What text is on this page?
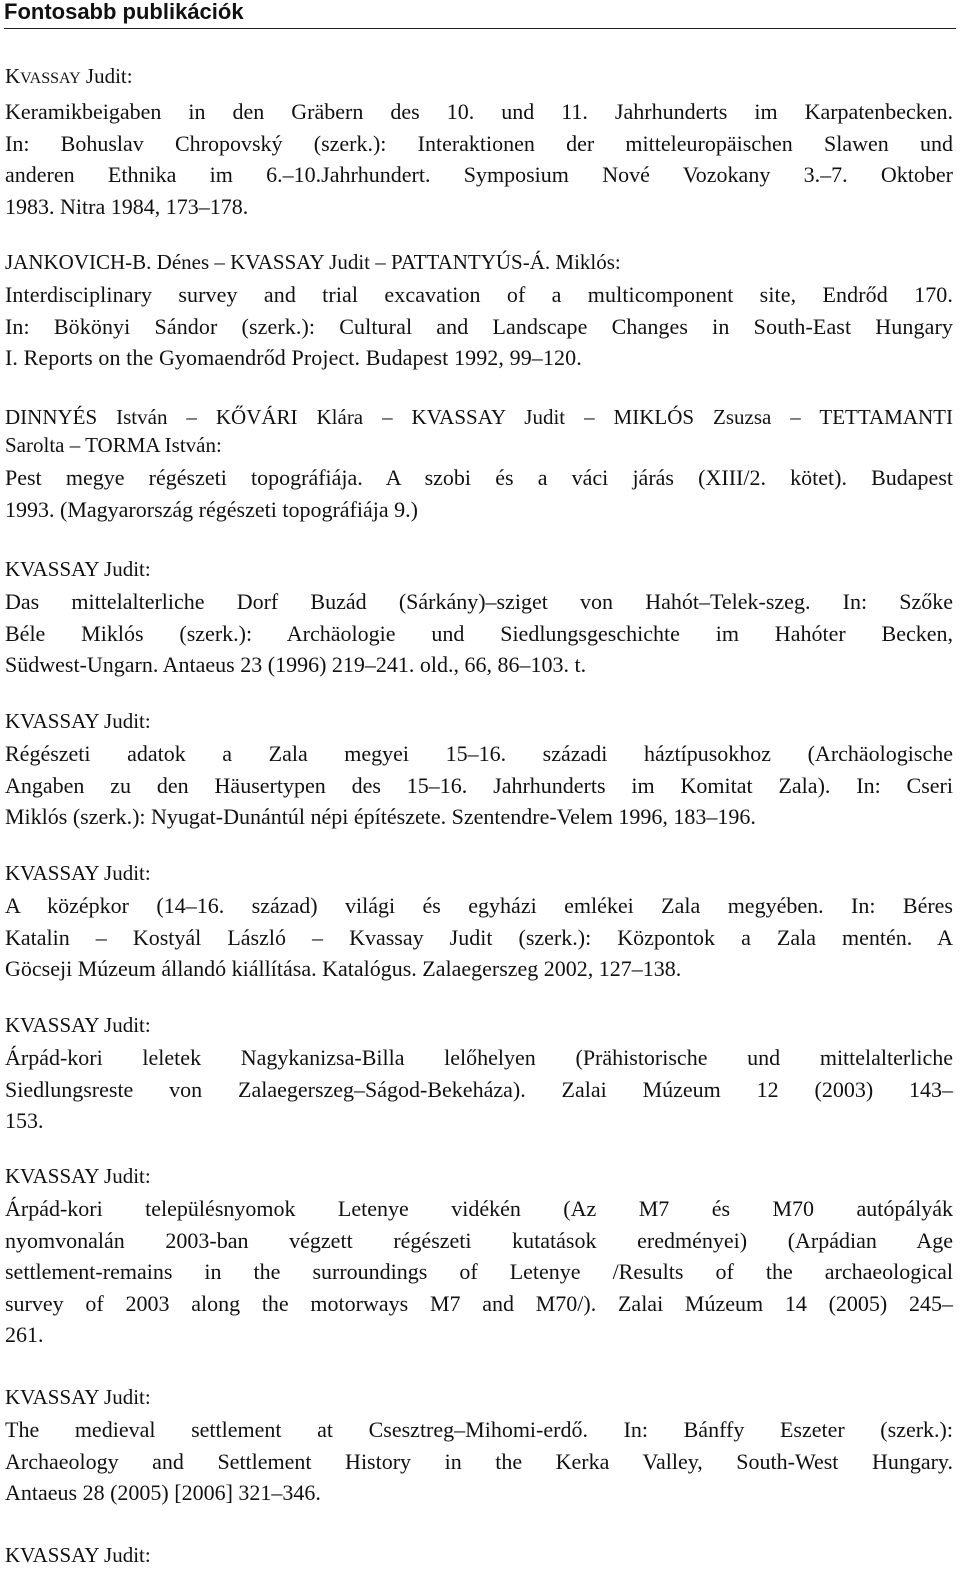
Fontosabb publikációk
KVASSAY Judit:
Keramikbeigaben in den Gräbern des 10. und 11. Jahrhunderts im Karpatenbecken.
In: Bohuslav Chropovský (szerk.): Interaktionen der mitteleuropäischen Slawen und
anderen Ethnika im 6.–10.Jahrhundert. Symposium Nové Vozokany 3.–7. Oktober
1983. Nitra 1984, 173–178.
JANKOVICH-B. Dénes – KVASSAY Judit – PATTANTYÚS-Á. Miklós:
Interdisciplinary survey and trial excavation of a multicomponent site, Endrőd 170.
In: Bökönyi Sándor (szerk.): Cultural and Landscape Changes in South-East Hungary
I. Reports on the Gyomaendrőd Project. Budapest 1992, 99–120.
DINNYÉS István – KŐVÁRI Klára – KVASSAY Judit – MIKLÓS Zsuzsa – TETTAMANTI
Sarolta – TORMA István:
Pest megye régészeti topográfiája. A szobi és a váci járás (XIII/2. kötet). Budapest
1993. (Magyarország régészeti topográfiája 9.)
KVASSAY Judit:
Das mittelalterliche Dorf Buzád (Sárkány)–sziget von Hahót–Telek-szeg. In: Szőke
Béle Miklós (szerk.): Archäologie und Siedlungsgeschichte im Hahóter Becken,
Südwest-Ungarn. Antaeus 23 (1996) 219–241. old., 66, 86–103. t.
KVASSAY Judit:
Régészeti adatok a Zala megyei 15–16. századi háztípusokhoz (Archäologische
Angaben zu den Häusertypen des 15–16. Jahrhunderts im Komitat Zala). In: Cseri
Miklós (szerk.): Nyugat-Dunántúl népi építészete. Szentendre-Velem 1996, 183–196.
KVASSAY Judit:
A középkor (14–16. század) világi és egyházi emlékei Zala megyében. In: Béres
Katalin – Kostyál László – Kvassay Judit (szerk.): Központok a Zala mentén. A
Göcseji Múzeum állandó kiállítása. Katalógus. Zalaegerszeg 2002, 127–138.
KVASSAY Judit:
Árpád-kori leletek Nagykanizsa-Billa lelőhelyen (Prähistorische und mittelalterliche
Siedlungsreste von Zalaegerszeg–Ságod-Bekeháza). Zalai Múzeum 12 (2003) 143–
153.
KVASSAY Judit:
Árpád-kori településnyomok Letenye vidékén (Az M7 és M70 autópályák
nyomvonalán 2003-ban végzett régészeti kutatások eredményei) (Arpádian Age
settlement-remains in the surroundings of Letenye /Results of the archaeological
survey of 2003 along the motorways M7 and M70/). Zalai Múzeum 14 (2005) 245–
261.
KVASSAY Judit:
The medieval settlement at Csesztreg–Mihomi-erdő. In: Bánffy Eszeter (szerk.):
Archaeology and Settlement History in the Kerka Valley, South-West Hungary.
Antaeus 28 (2005) [2006] 321–346.
KVASSAY Judit:
